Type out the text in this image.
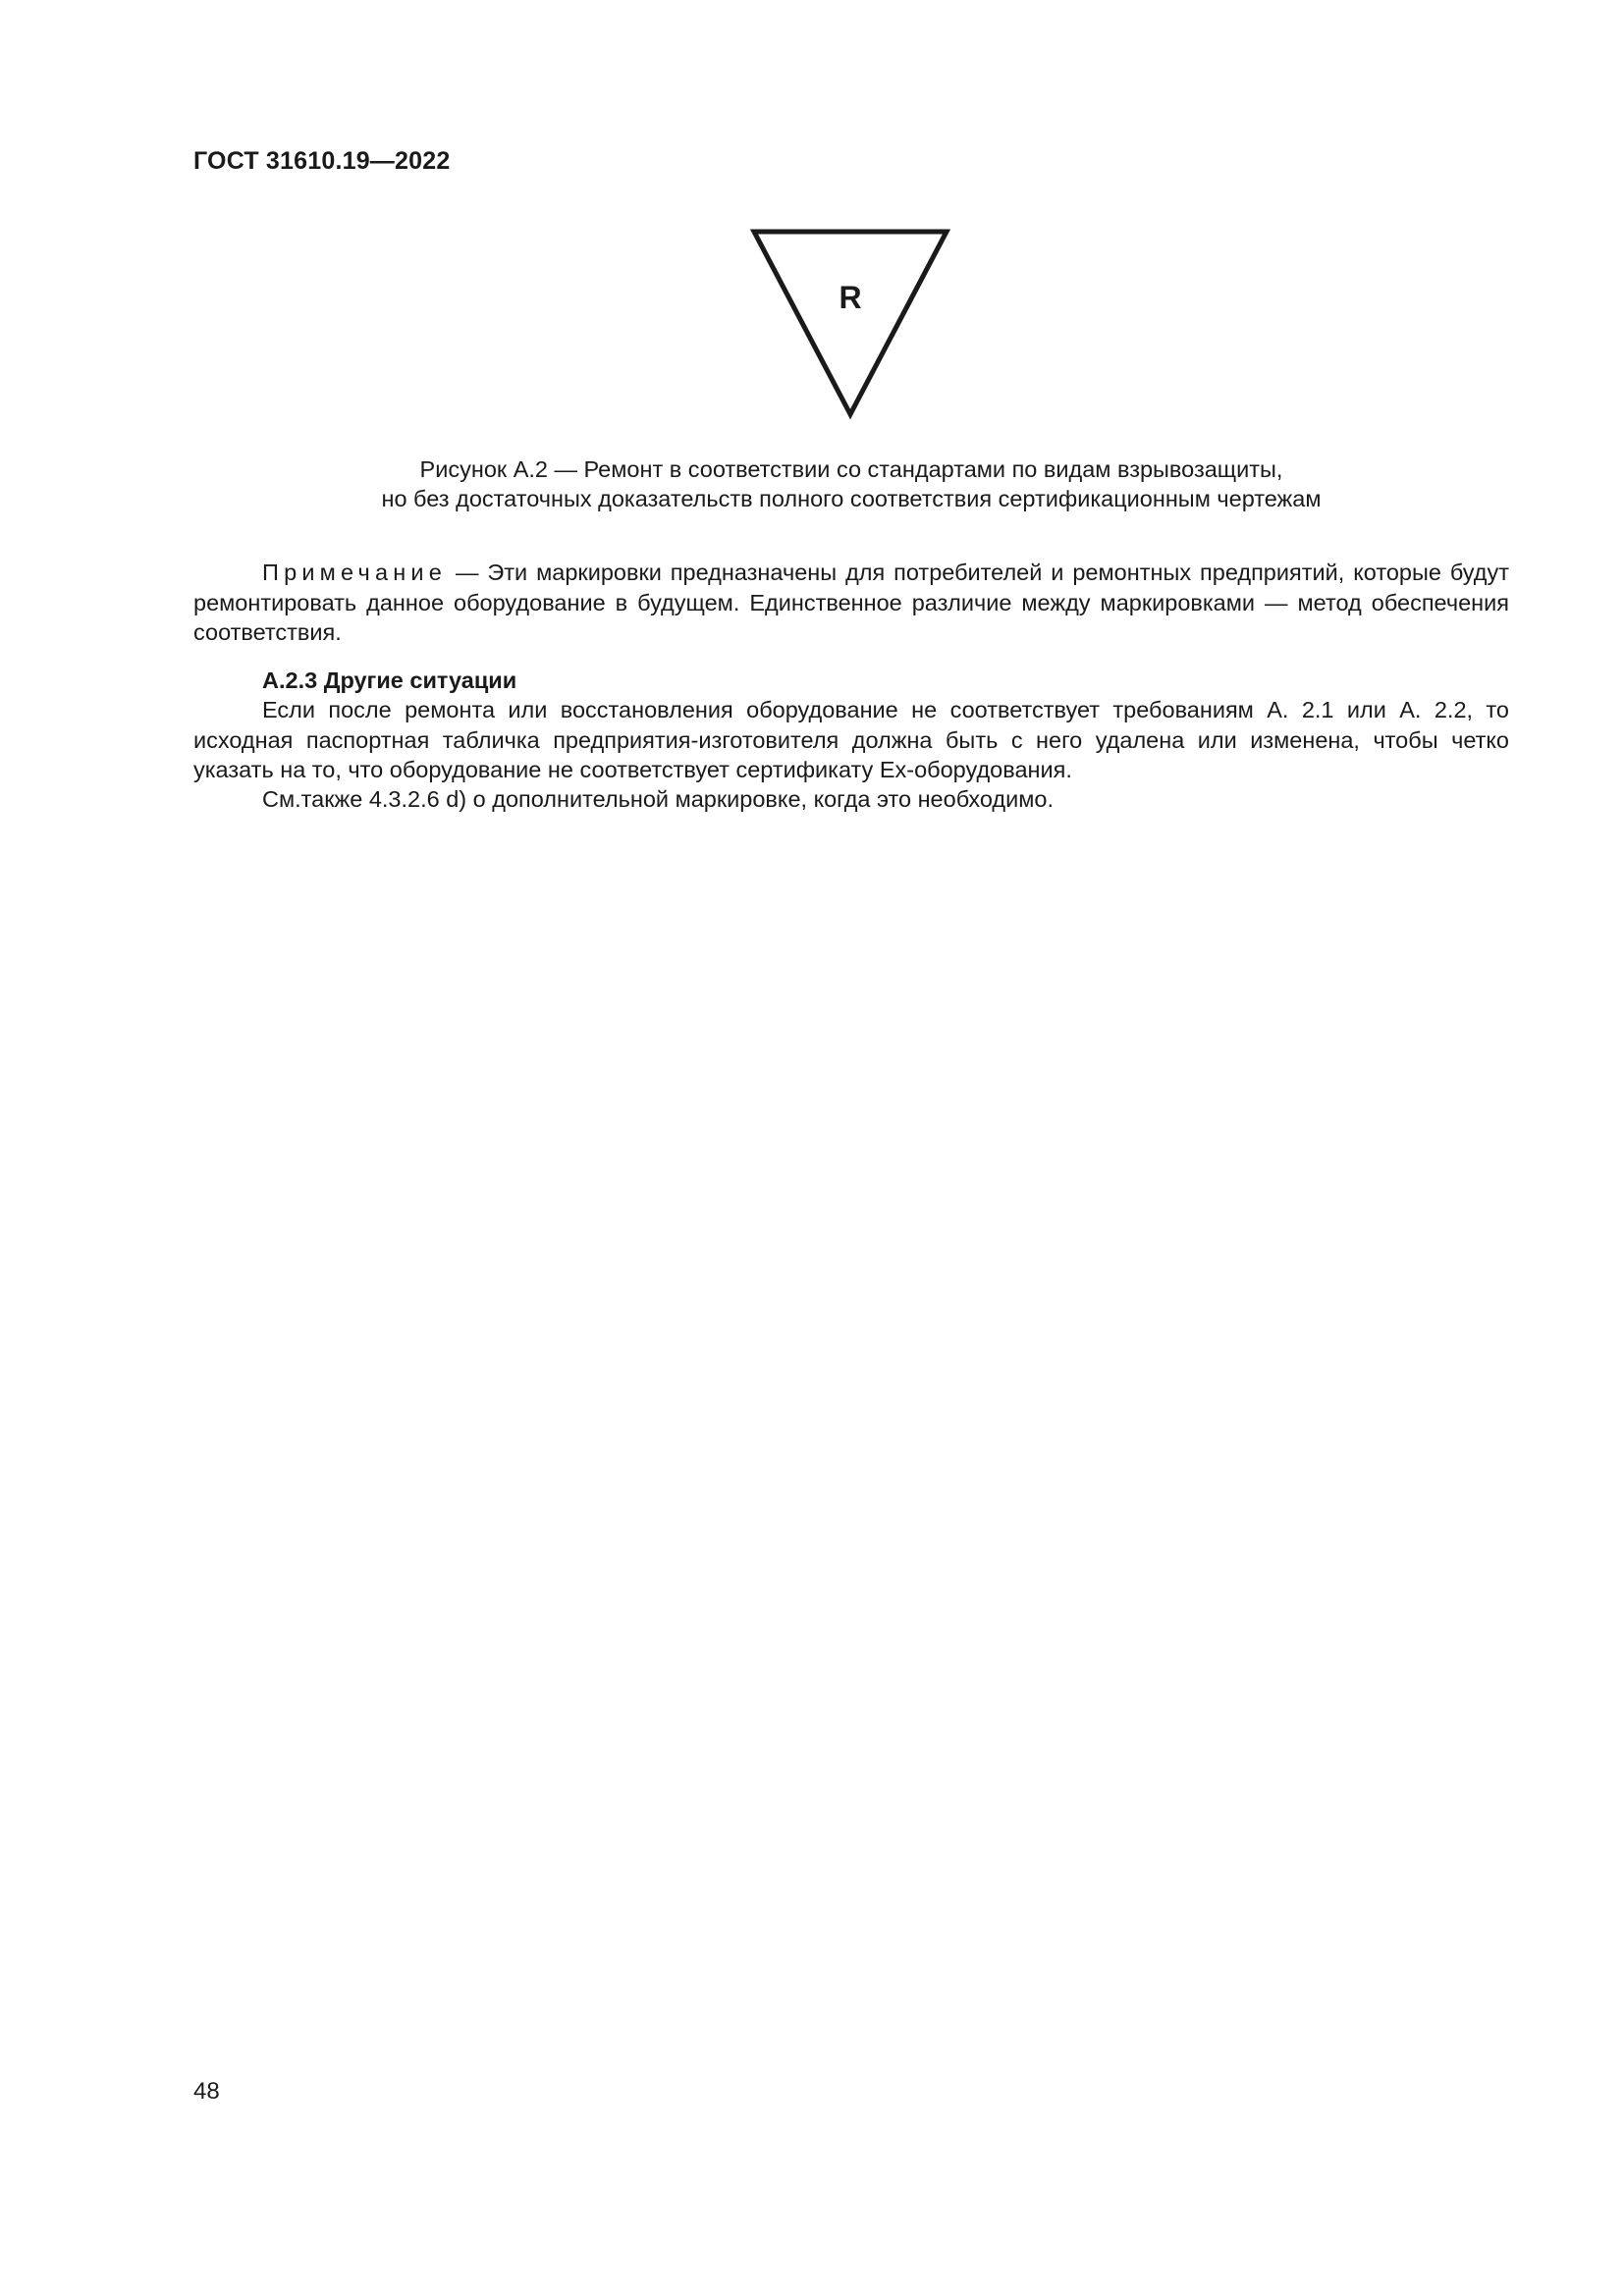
ГОСТ 31610.19—2022
R
Рисунок А.2 — Ремонт в соответствии со стандартами по видам взрывозащиты,
но без достаточных доказательств полного соответствия сертификационным чертежам

Примечание — Эти маркировки предназначены для потребителей и ремонтных предприятий, которые будут ремонтировать данное оборудование в будущем. Единственное различие между маркировками — метод обеспечения соответствия.

А.2.3 Другие ситуации

Если после ремонта или восстановления оборудование не соответствует требованиям А. 2.1 или А. 2.2, то исходная паспортная табличка предприятия-изготовителя должна быть с него удалена или изменена, чтобы четко указать на то, что оборудование не соответствует сертификату Ex-оборудования.

См.также 4.3.2.6 d) о дополнительной маркировке, когда это необходимо.

48
